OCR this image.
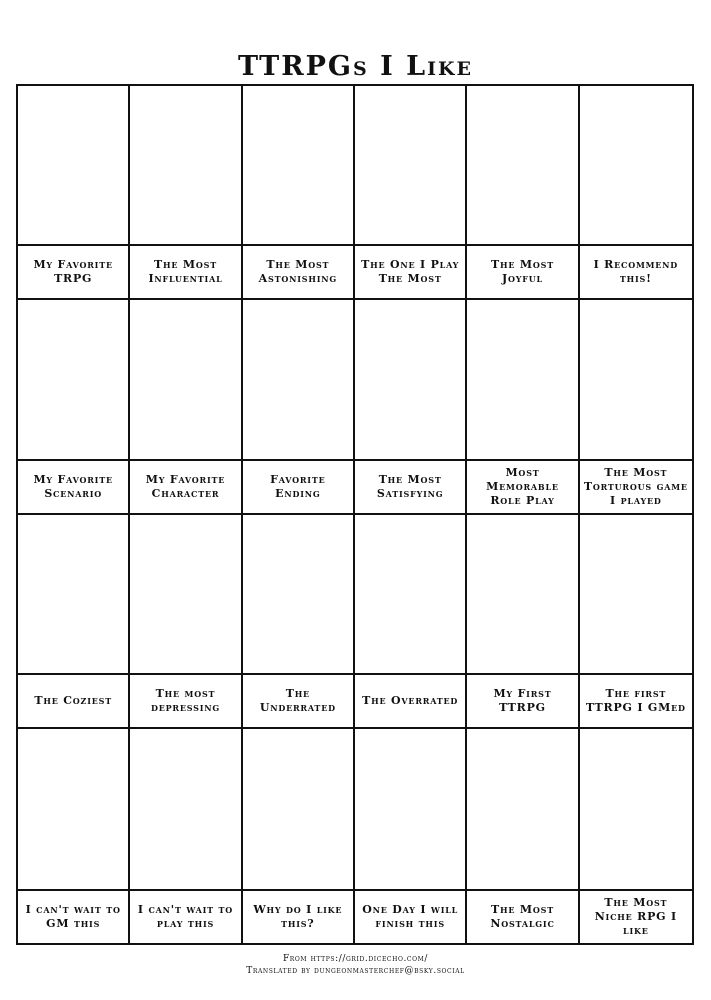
TTRPGs I Like
My Favorite TRPG
The Most Influential
The Most Astonishing
The One I Play The Most
The Most Joyful
I Recommend this!
My Favorite Scenario
My Favorite Character
Favorite Ending
The Most Satisfying
Most Memorable Role Play
The Most Torturous game I played
The Coziest
The most depressing
The Underrated
The Overrated
My First TTRPG
The first TTRPG I GMed
I can't wait to GM this
I can't wait to play this
Why do I like this?
One Day I will finish this
The Most Nostalgic
The Most Niche RPG I like
From https://grid.dicecho.com/
Translated by dungeonmasterchef@bsky.social
